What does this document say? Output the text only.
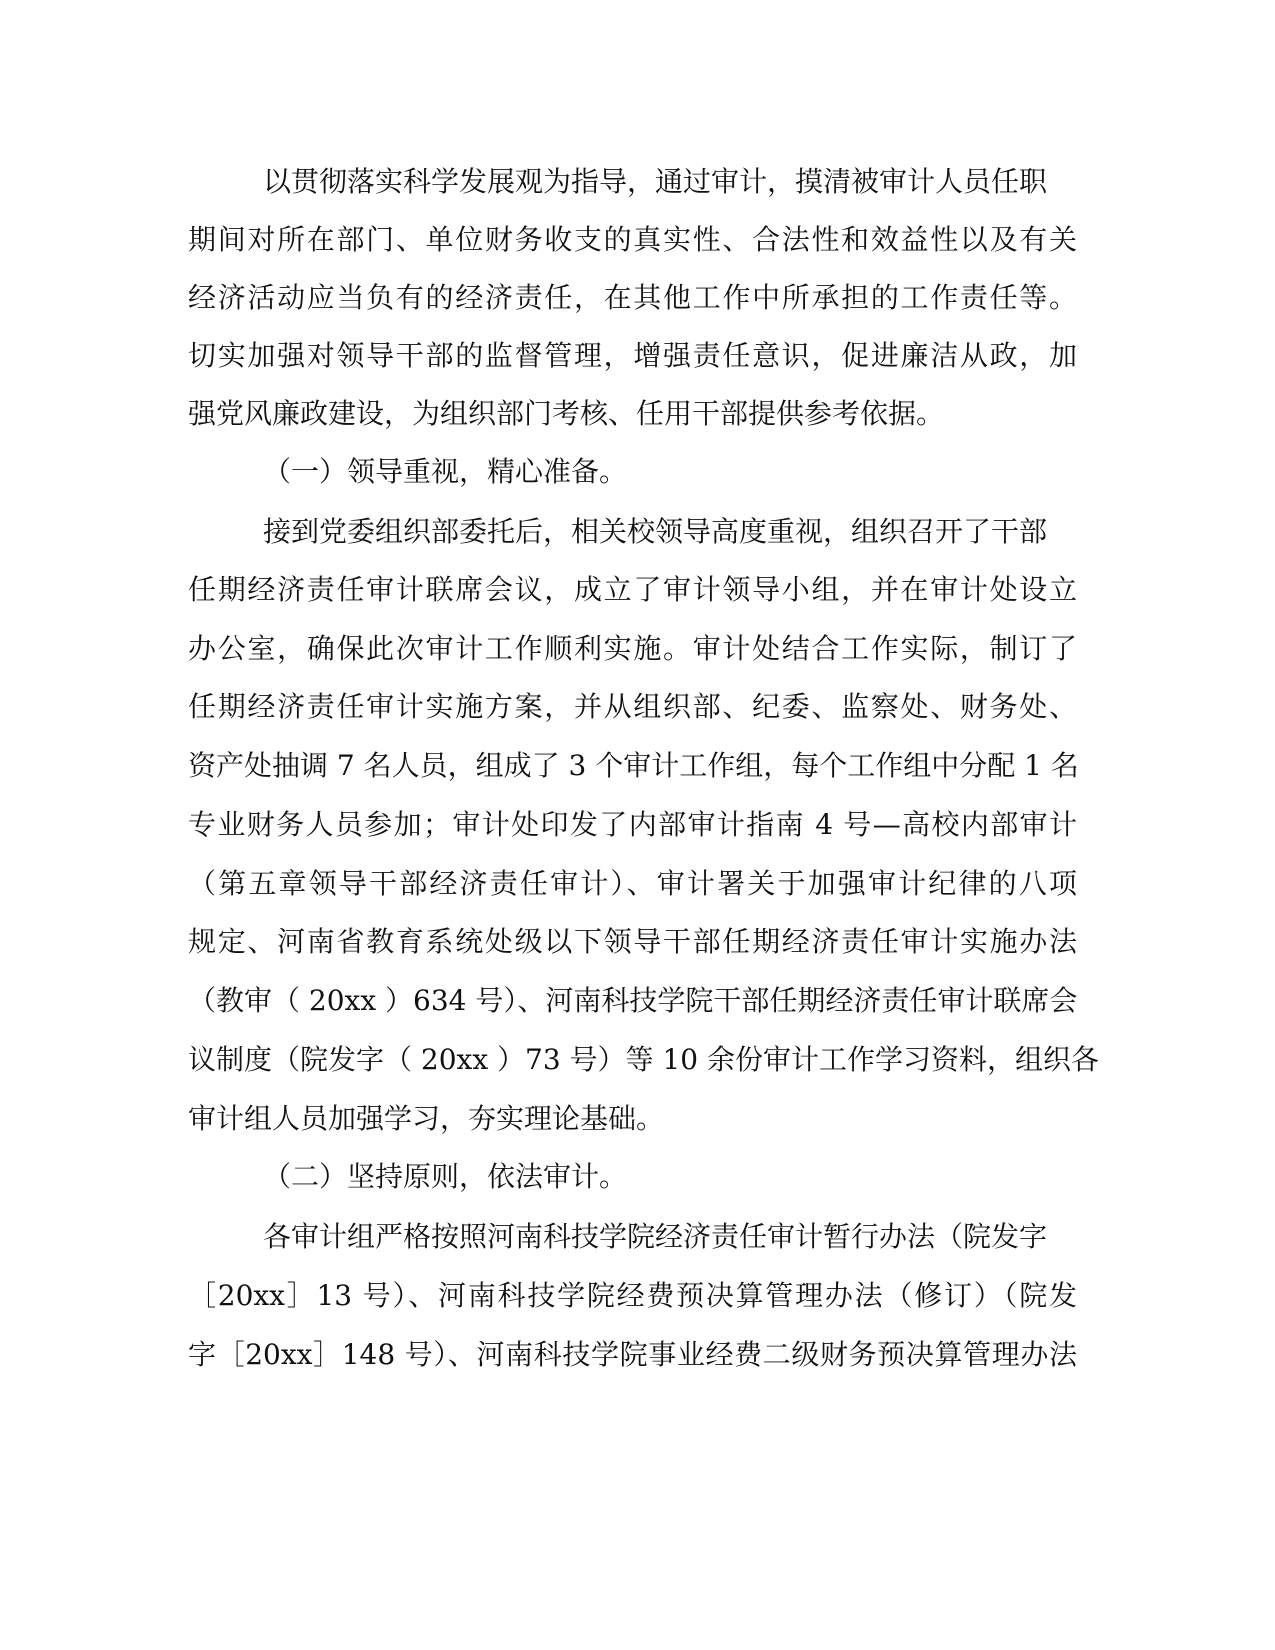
以贯彻落实科学发展观为指导，通过审计，摸清被审计人员任职
期间对所在部门、单位财务收支的真实性、合法性和效益性以及有关
经济活动应当负有的经济责任，在其他工作中所承担的工作责任等。
切实加强对领导干部的监督管理，增强责任意识，促进廉洁从政，加
强党风廉政建设，为组织部门考核、任用干部提供参考依据。
（一）领导重视，精心准备。
接到党委组织部委托后，相关校领导高度重视，组织召开了干部
任期经济责任审计联席会议，成立了审计领导小组，并在审计处设立
办公室，确保此次审计工作顺利实施。审计处结合工作实际，制订了
任期经济责任审计实施方案，并从组织部、纪委、监察处、财务处、
资产处抽调 7 名人员，组成了 3 个审计工作组，每个工作组中分配 1 名
专业财务人员参加；审计处印发了内部审计指南 4 号—高校内部审计
（第五章领导干部经济责任审计）、审计署关于加强审计纪律的八项
规定、河南省教育系统处级以下领导干部任期经济责任审计实施办法
（教审（ 20xx ）634 号）、河南科技学院干部任期经济责任审计联席会
议制度（院发字（ 20xx ）73 号）等 10 余份审计工作学习资料，组织各
审计组人员加强学习，夯实理论基础。
（二）坚持原则，依法审计。
各审计组严格按照河南科技学院经济责任审计暂行办法（院发字
［20xx］13 号）、河南科技学院经费预决算管理办法（修订）（院发
字［20xx］148 号）、河南科技学院事业经费二级财务预决算管理办法
